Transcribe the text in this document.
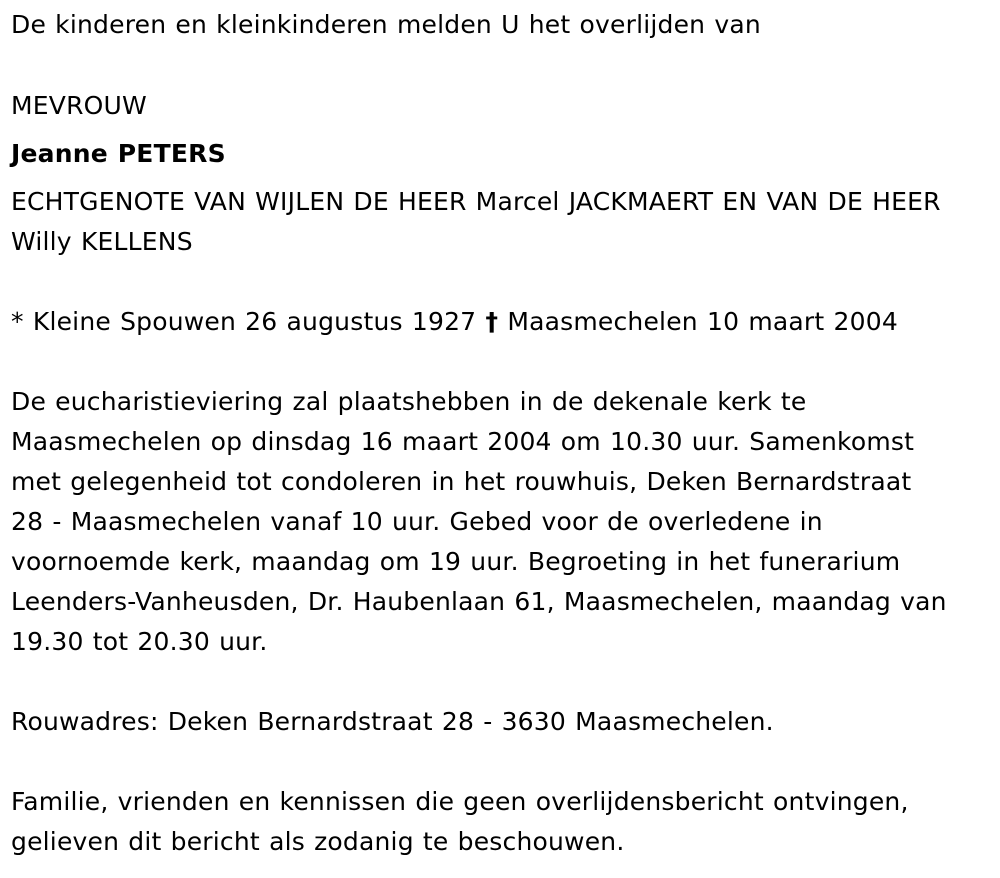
De kinderen en kleinkinderen melden U het overlijden van
MEVROUW
Jeanne PETERS
ECHTGENOTE VAN WIJLEN DE HEER Marcel JACKMAERT EN VAN DE HEER
Willy KELLENS
* Kleine Spouwen 26 augustus 1927 † Maasmechelen 10 maart 2004
De eucharistieviering zal plaatshebben in de dekenale kerk te
Maasmechelen op dinsdag 16 maart 2004 om 10.30 uur. Samenkomst
met gelegenheid tot condoleren in het rouwhuis, Deken Bernardstraat
28 - Maasmechelen vanaf 10 uur. Gebed voor de overledene in
voornoemde kerk, maandag om 19 uur. Begroeting in het funerarium
Leenders-Vanheusden, Dr. Haubenlaan 61, Maasmechelen, maandag van
19.30 tot 20.30 uur.
Rouwadres: Deken Bernardstraat 28 - 3630 Maasmechelen.
Familie, vrienden en kennissen die geen overlijdensbericht ontvingen,
gelieven dit bericht als zodanig te beschouwen.
